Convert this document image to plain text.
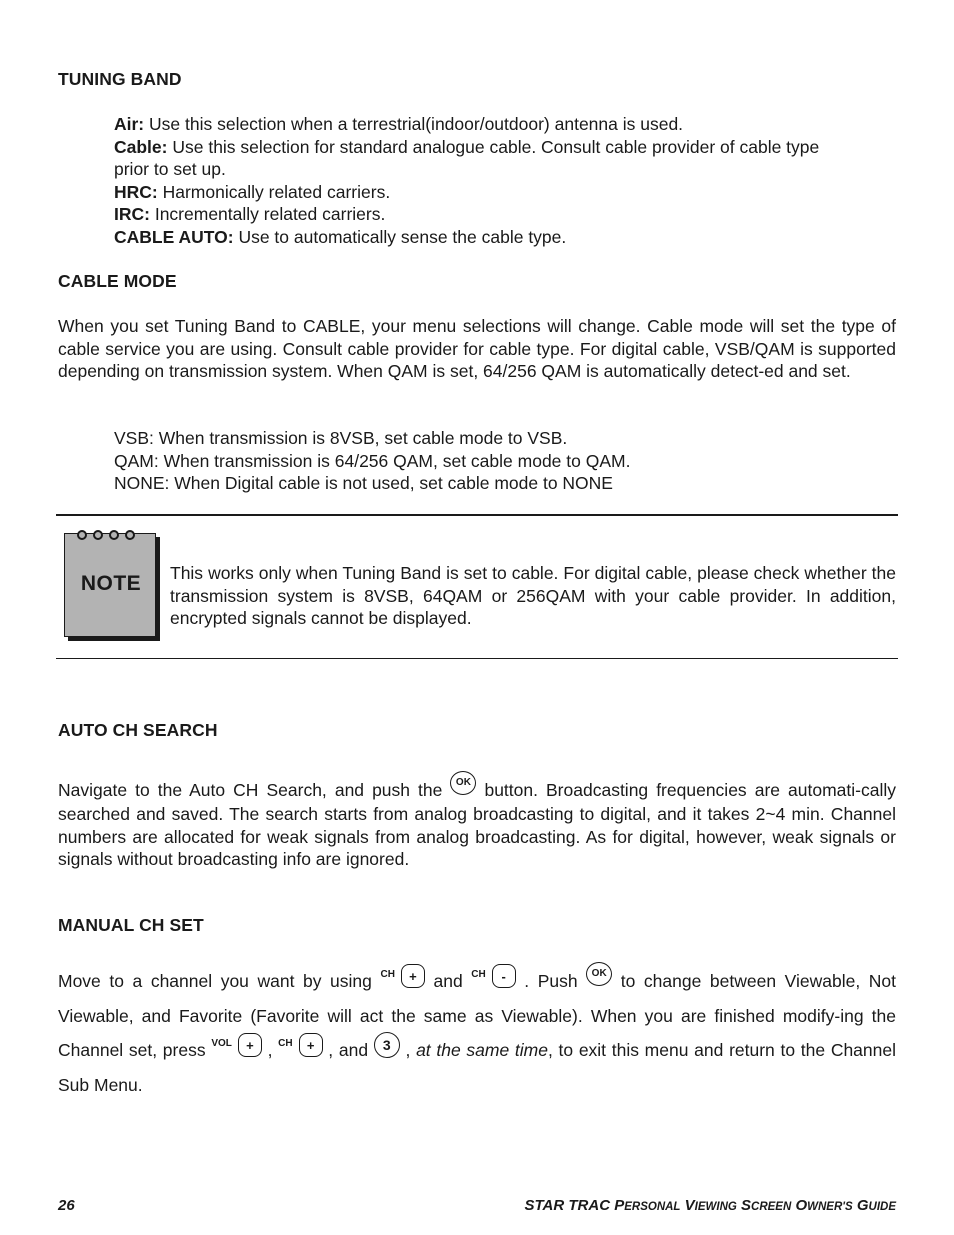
TUNING BAND
Air: Use this selection when a terrestrial(indoor/outdoor) antenna is used.
Cable: Use this selection for standard analogue cable. Consult cable provider of cable type prior to set up.
HRC: Harmonically related carriers.
IRC: Incrementally related carriers.
CABLE AUTO: Use to automatically sense the cable type.
CABLE MODE
When you set Tuning Band to CABLE, your menu selections will change. Cable mode will set the type of cable service you are using. Consult cable provider for cable type. For digital cable, VSB/QAM is supported depending on transmission system. When QAM is set, 64/256 QAM is automatically detect-ed and set.
VSB: When transmission is 8VSB, set cable mode to VSB.
QAM: When transmission is 64/256 QAM, set cable mode to QAM.
NONE: When Digital cable is not used, set cable mode to NONE
NOTE	This works only when Tuning Band is set to cable. For digital cable, please check whether the transmission system is 8VSB, 64QAM or 256QAM with your cable provider. In addition, encrypted signals cannot be displayed.
AUTO CH SEARCH
Navigate to the Auto CH Search, and push the OK button. Broadcasting frequencies are automati-cally searched and saved. The search starts from analog broadcasting to digital, and it takes 2~4 min. Channel numbers are allocated for weak signals from analog broadcasting. As for digital, however, weak signals or signals without broadcasting info are ignored.
MANUAL CH SET
Move to a channel you want by using $^{CH}$ + and $^{CH}$ - . Push OK to change between Viewable, Not Viewable, and Favorite (Favorite will act the same as Viewable). When you are finished modify-ing the Channel set, press $^{VOL}$ + , $^{CH}$ + , and 3 , at the same time, to exit this menu and return to the Channel Sub Menu.
26	STAR TRAC PERSONAL VIEWING SCREEN OWNER'S GUIDE
